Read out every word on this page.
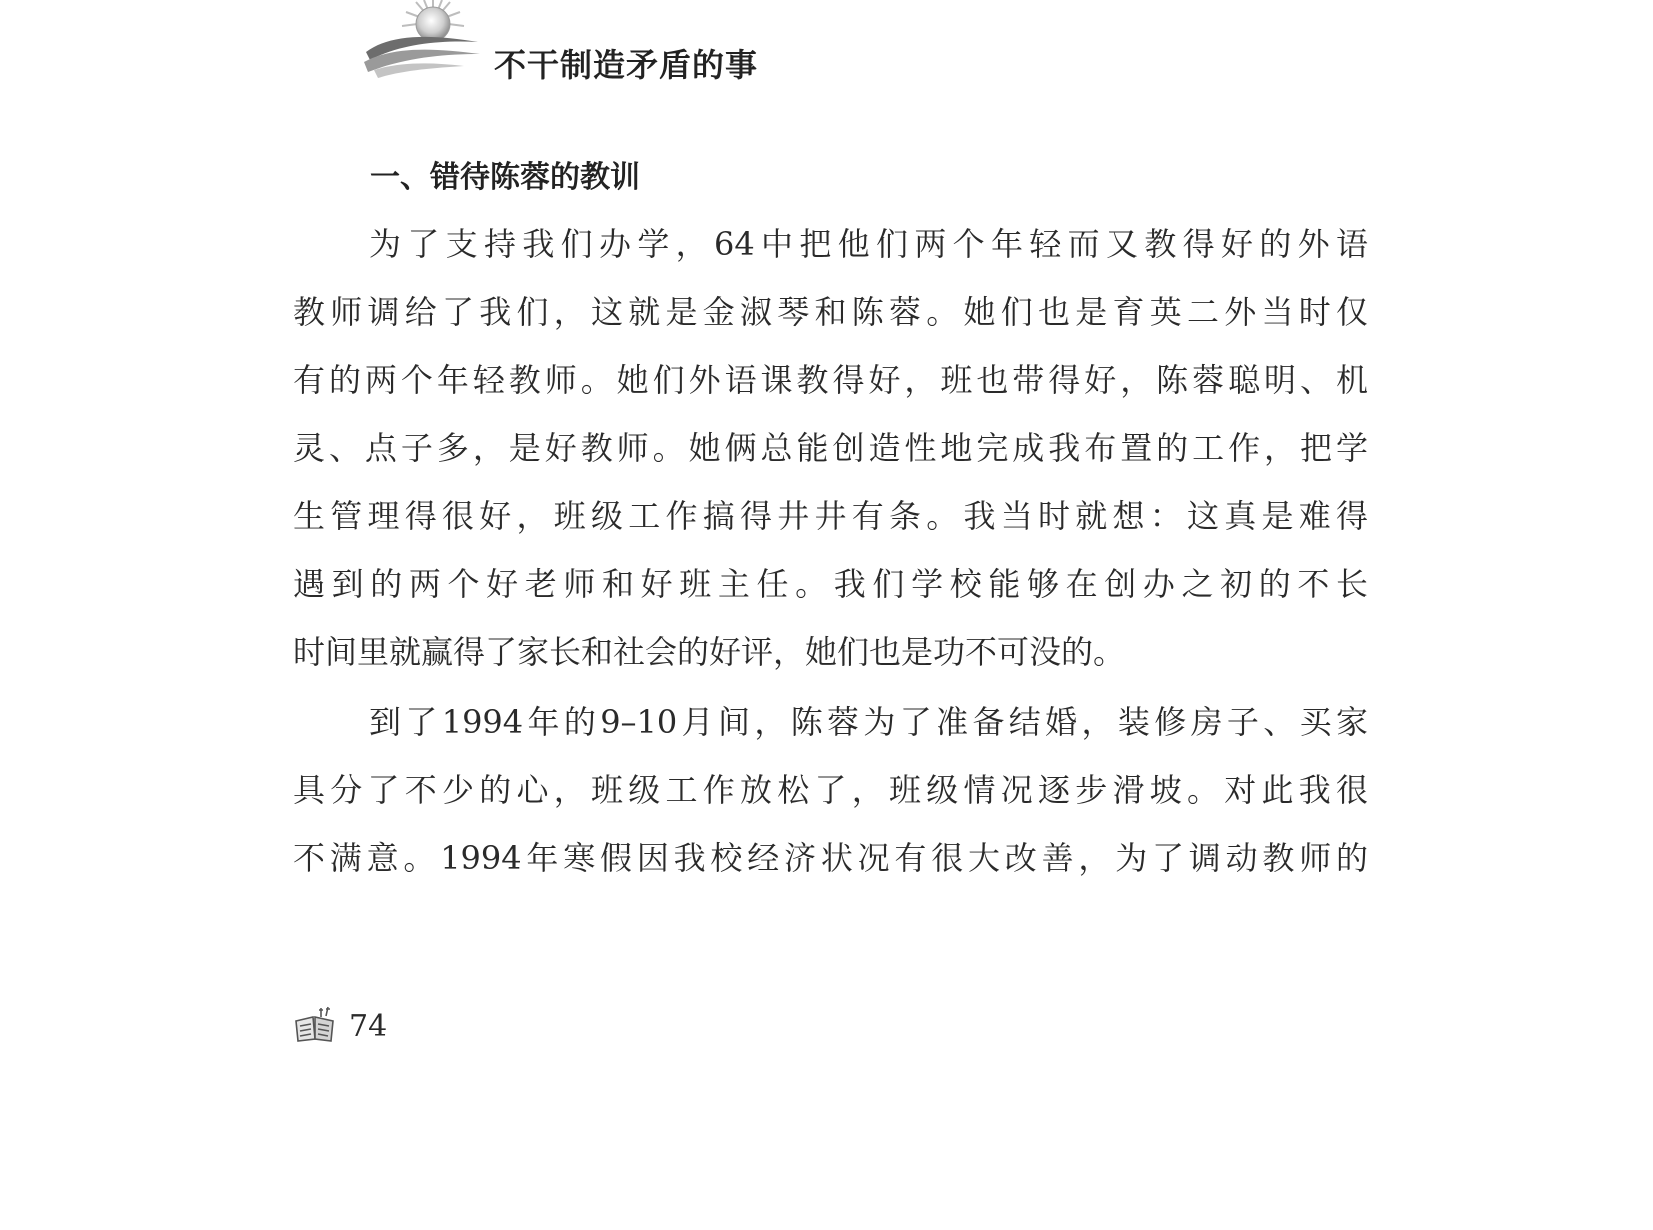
不干制造矛盾的事
一、错待陈蓉的教训
为了支持我们办学，64中把他们两个年轻而又教得好的外语
教师调给了我们，这就是金淑琴和陈蓉。她们也是育英二外当时仅
有的两个年轻教师。她们外语课教得好，班也带得好，陈蓉聪明、机
灵、点子多，是好教师。她俩总能创造性地完成我布置的工作，把学
生管理得很好，班级工作搞得井井有条。我当时就想：这真是难得
遇到的两个好老师和好班主任。我们学校能够在创办之初的不长
时间里就赢得了家长和社会的好评，她们也是功不可没的。
到了1994年的9–10月间，陈蓉为了准备结婚，装修房子、买家
具分了不少的心，班级工作放松了，班级情况逐步滑坡。对此我很
不满意。1994年寒假因我校经济状况有很大改善，为了调动教师的
74
